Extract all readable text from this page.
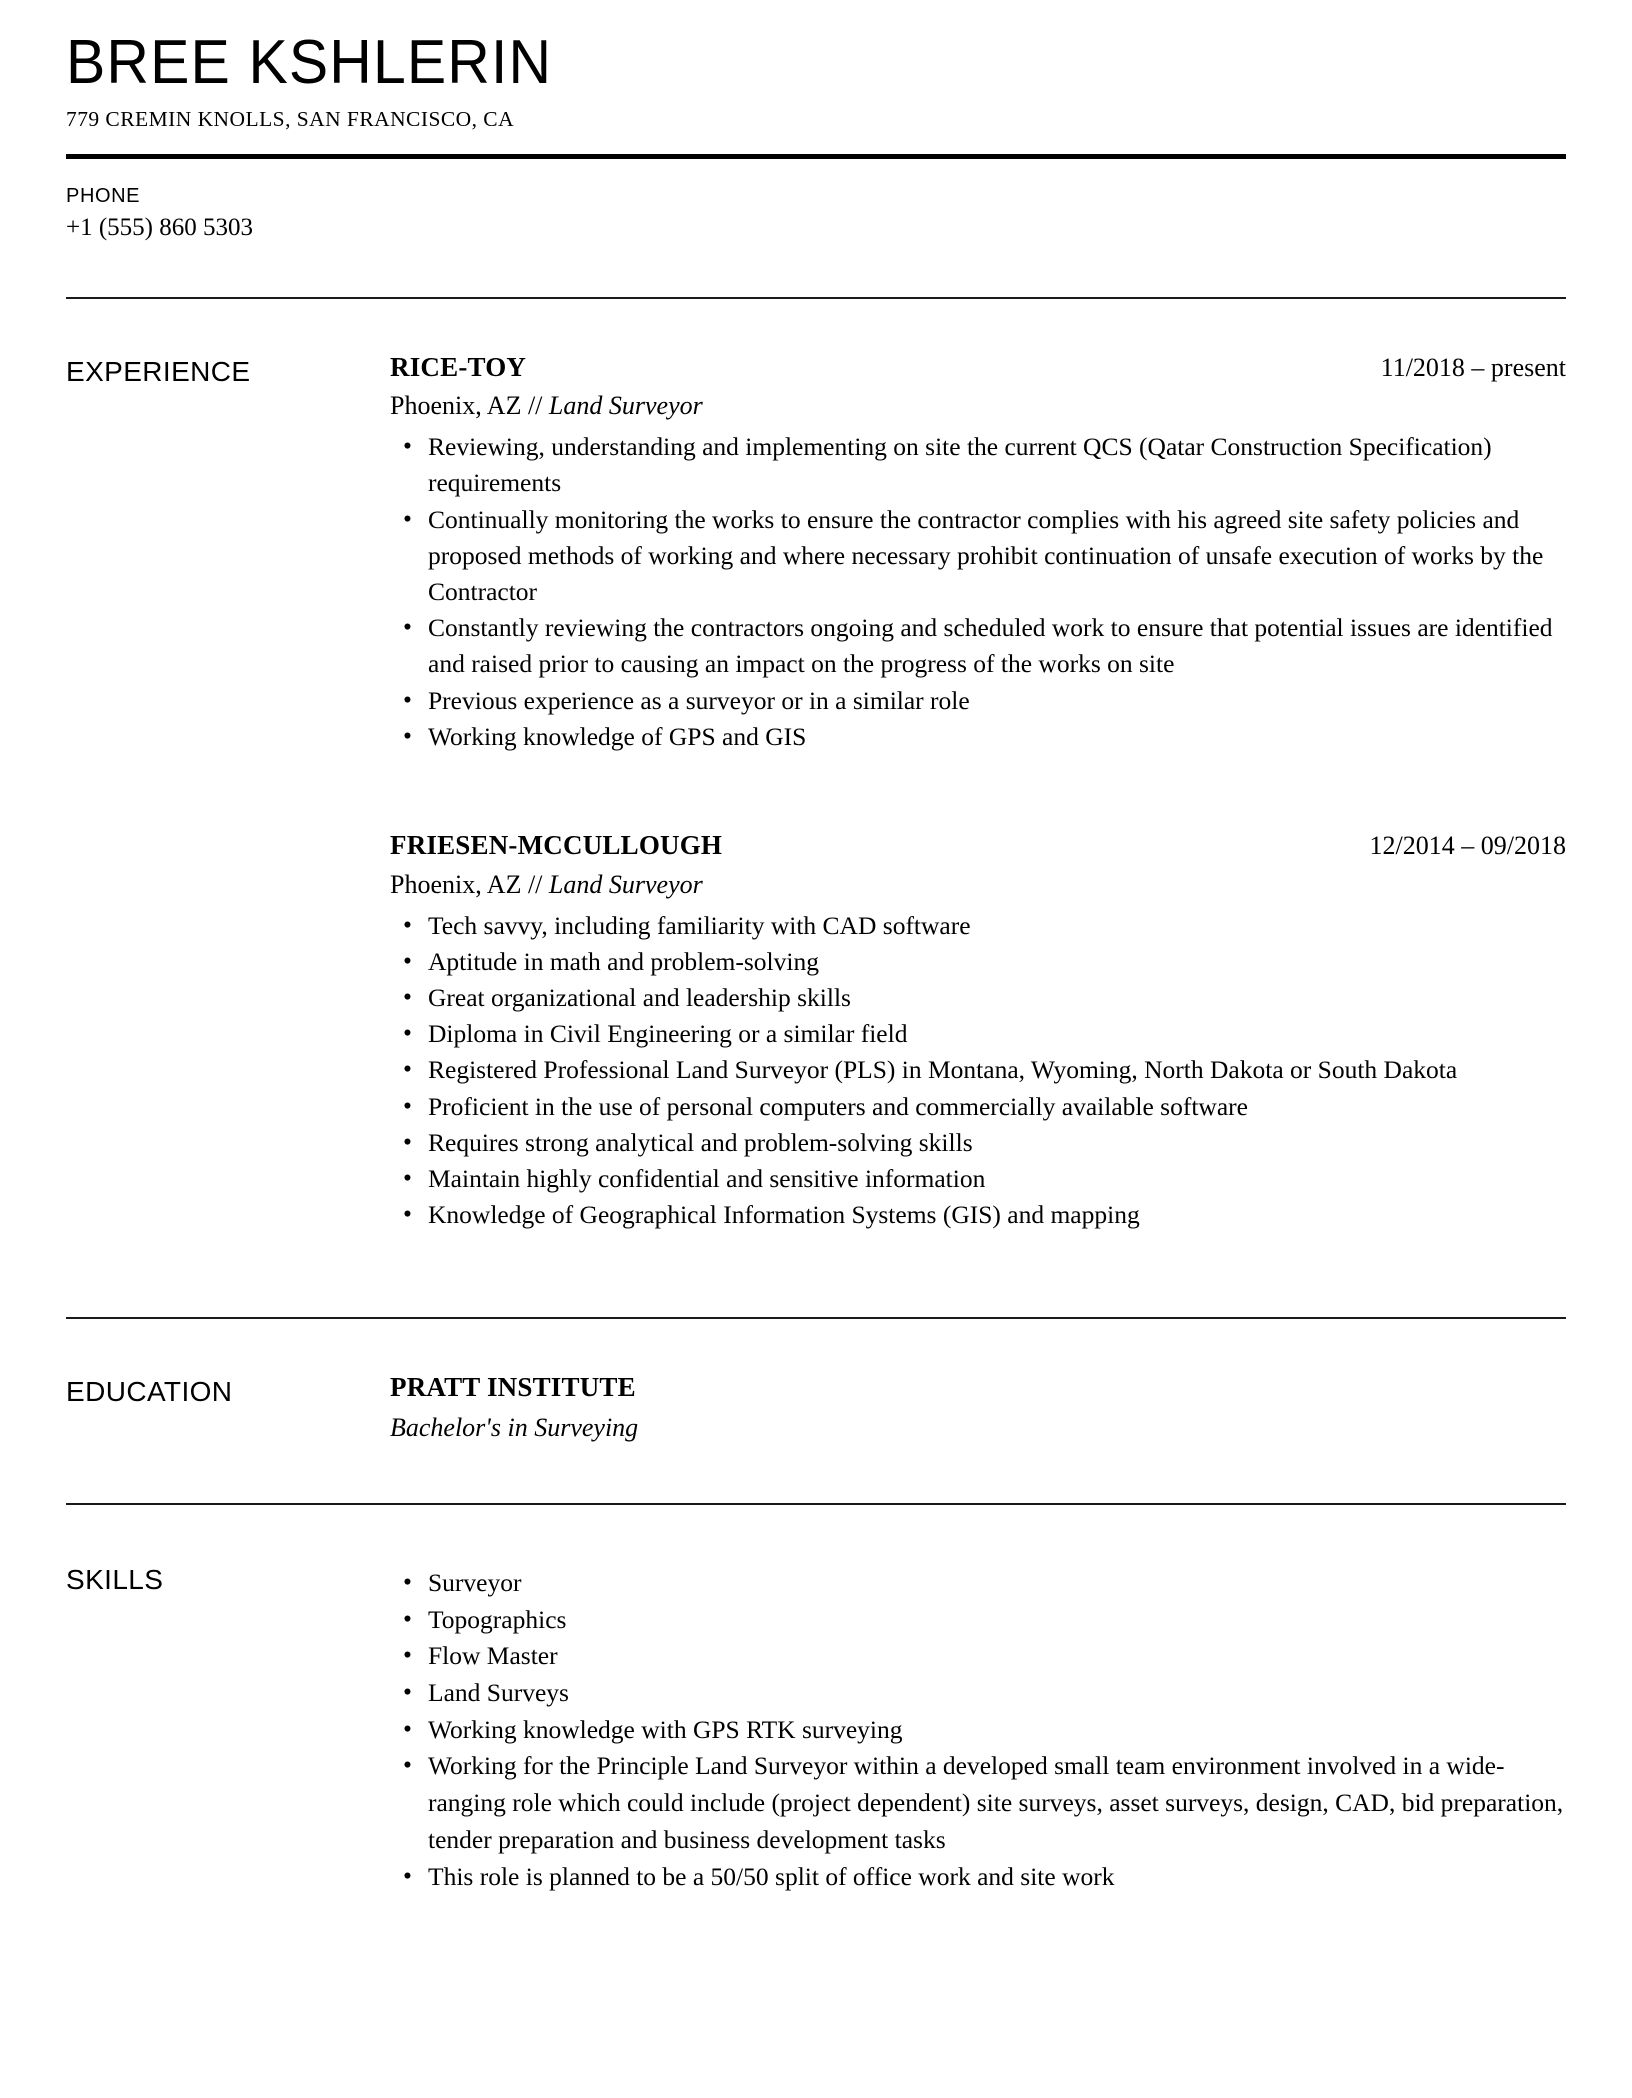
BREE KSHLERIN
779 CREMIN KNOLLS, SAN FRANCISCO, CA
PHONE
+1 (555) 860 5303
EXPERIENCE	RICE-TOY	11/2018 – present
Phoenix, AZ // Land Surveyor
• Reviewing, understanding and implementing on site the current QCS (Qatar Construction Specification) requirements
• Continually monitoring the works to ensure the contractor complies with his agreed site safety policies and proposed methods of working and where necessary prohibit continuation of unsafe execution of works by the Contractor
• Constantly reviewing the contractors ongoing and scheduled work to ensure that potential issues are identified and raised prior to causing an impact on the progress of the works on site
• Previous experience as a surveyor or in a similar role
• Working knowledge of GPS and GIS
FRIESEN-MCCULLOUGH	12/2014 – 09/2018
Phoenix, AZ // Land Surveyor
• Tech savvy, including familiarity with CAD software
• Aptitude in math and problem-solving
• Great organizational and leadership skills
• Diploma in Civil Engineering or a similar field
• Registered Professional Land Surveyor (PLS) in Montana, Wyoming, North Dakota or South Dakota
• Proficient in the use of personal computers and commercially available software
• Requires strong analytical and problem-solving skills
• Maintain highly confidential and sensitive information
• Knowledge of Geographical Information Systems (GIS) and mapping
EDUCATION	PRATT INSTITUTE
Bachelor's in Surveying
SKILLS	• Surveyor
• Topographics
• Flow Master
• Land Surveys
• Working knowledge with GPS RTK surveying
• Working for the Principle Land Surveyor within a developed small team environment involved in a wide-ranging role which could include (project dependent) site surveys, asset surveys, design, CAD, bid preparation, tender preparation and business development tasks
• This role is planned to be a 50/50 split of office work and site work
